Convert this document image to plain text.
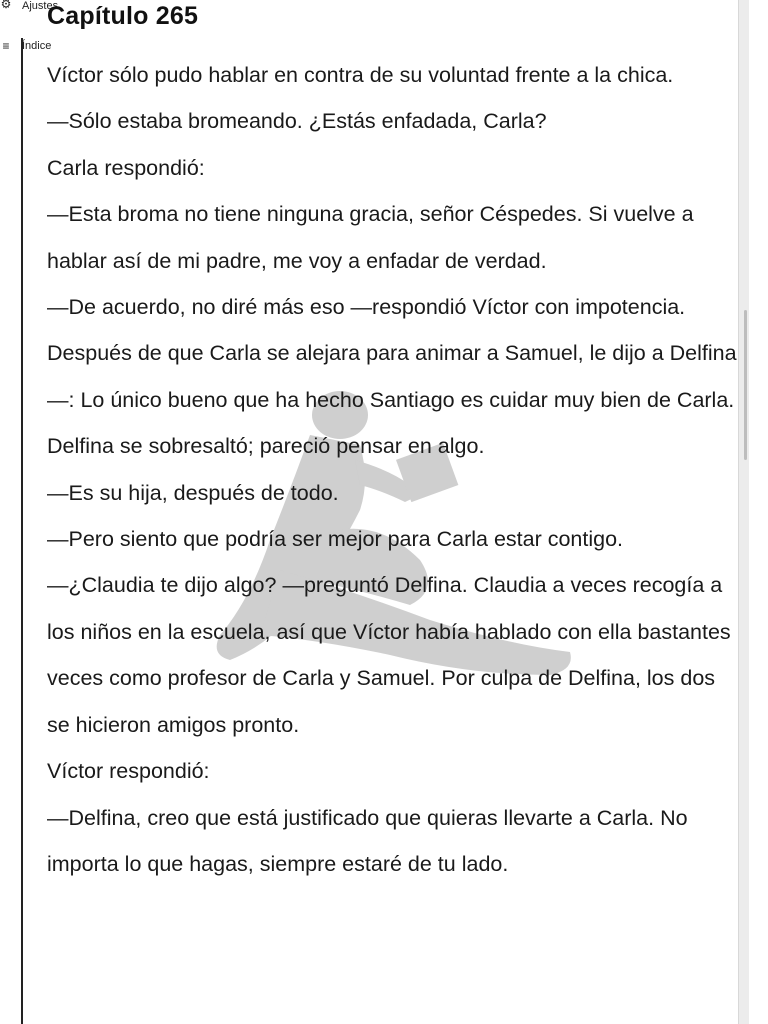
⚙ Ajustes
≡ Índice
Capítulo 265

Víctor sólo pudo hablar en contra de su voluntad frente a la chica.

—Sólo estaba bromeando. ¿Estás enfadada, Carla?

Carla respondió:

—Esta broma no tiene ninguna gracia, señor Céspedes. Si vuelve a hablar así de mi padre, me voy a enfadar de verdad.

—De acuerdo, no diré más eso —respondió Víctor con impotencia. Después de que Carla se alejara para animar a Samuel, le dijo a Delfina—: Lo único bueno que ha hecho Santiago es cuidar muy bien de Carla.

Delfina se sobresaltó; pareció pensar en algo.

—Es su hija, después de todo.

—Pero siento que podría ser mejor para Carla estar contigo.

—¿Claudia te dijo algo? —preguntó Delfina. Claudia a veces recogía a los niños en la escuela, así que Víctor había hablado con ella bastantes veces como profesor de Carla y Samuel. Por culpa de Delfina, los dos se hicieron amigos pronto.

Víctor respondió:

—Delfina, creo que está justificado que quieras llevarte a Carla. No importa lo que hagas, siempre estaré de tu lado.
